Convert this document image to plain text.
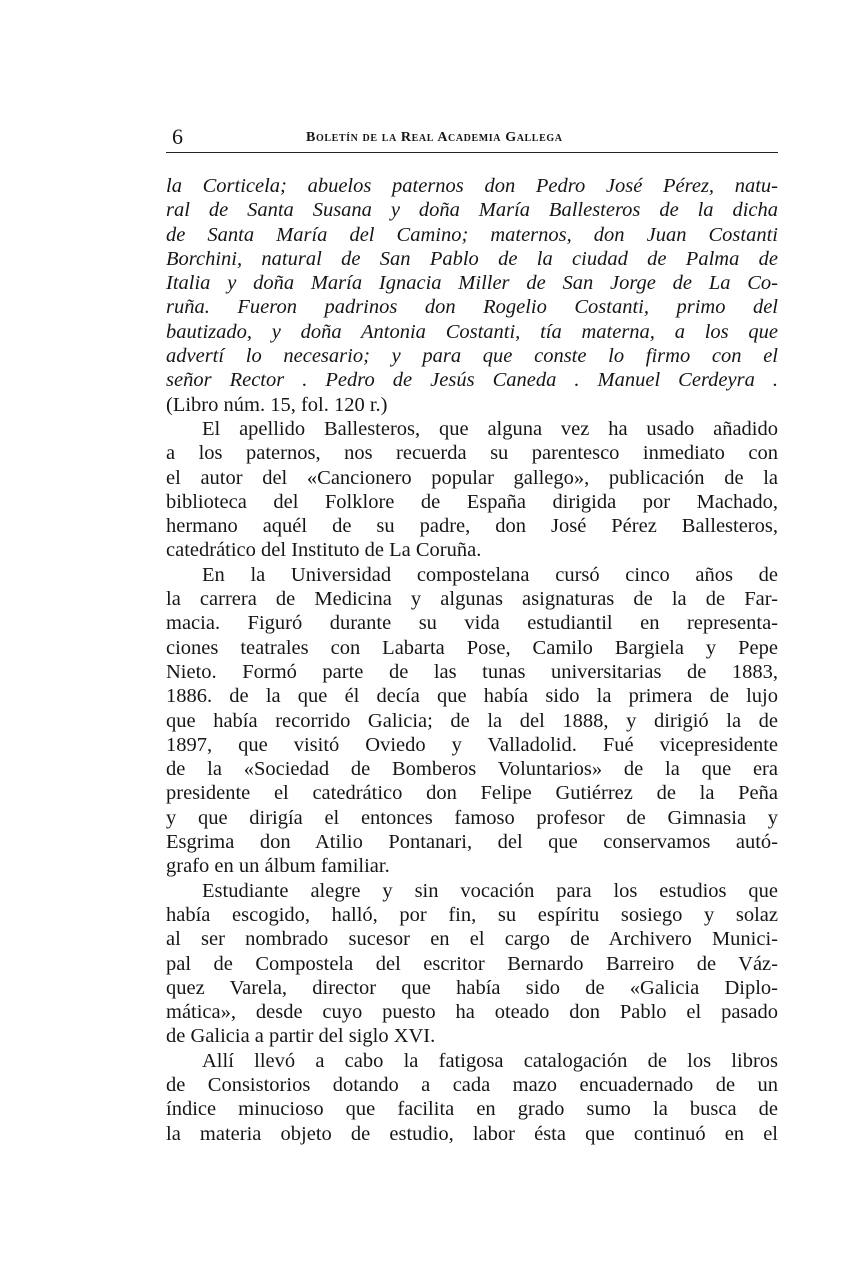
6	Boletín de la Real Academia Gallega
la Corticela; abuelos paternos don Pedro José Pérez, natu-
ral de Santa Susana y doña María Ballesteros de la dicha
de Santa María del Camino; maternos, don Juan Costanti
Borchini, natural de San Pablo de la ciudad de Palma de
Italia y doña María Ignacia Miller de San Jorge de La Co-
ruña. Fueron padrinos don Rogelio Costanti, primo del
bautizado, y doña Antonia Costanti, tía materna, a los que
advertí lo necesario; y para que conste lo firmo con el
señor Rector . Pedro de Jesús Caneda . Manuel Cerdeyra .
(Libro núm. 15, fol. 120 r.)
El apellido Ballesteros, que alguna vez ha usado añadido
a los paternos, nos recuerda su parentesco inmediato con
el autor del «Cancionero popular gallego», publicación de la
biblioteca del Folklore de España dirigida por Machado,
hermano aquél de su padre, don José Pérez Ballesteros,
catedrático del Instituto de La Coruña.
En la Universidad compostelana cursó cinco años de
la carrera de Medicina y algunas asignaturas de la de Far-
macia. Figuró durante su vida estudiantil en representa-
ciones teatrales con Labarta Pose, Camilo Bargiela y Pepe
Nieto. Formó parte de las tunas universitarias de 1883,
1886. de la que él decía que había sido la primera de lujo
que había recorrido Galicia; de la del 1888, y dirigió la de
1897, que visitó Oviedo y Valladolid. Fué vicepresidente
de la «Sociedad de Bomberos Voluntarios» de la que era
presidente el catedrático don Felipe Gutiérrez de la Peña
y que dirigía el entonces famoso profesor de Gimnasia y
Esgrima don Atilio Pontanari, del que conservamos autó-
grafo en un álbum familiar.
Estudiante alegre y sin vocación para los estudios que
había escogido, halló, por fin, su espíritu sosiego y solaz
al ser nombrado sucesor en el cargo de Archivero Munici-
pal de Compostela del escritor Bernardo Barreiro de Váz-
quez Varela, director que había sido de «Galicia Diplo-
mática», desde cuyo puesto ha oteado don Pablo el pasado
de Galicia a partir del siglo XVI.
Allí llevó a cabo la fatigosa catalogación de los libros
de Consistorios dotando a cada mazo encuadernado de un
índice minucioso que facilita en grado sumo la busca de
la materia objeto de estudio, labor ésta que continuó en el
